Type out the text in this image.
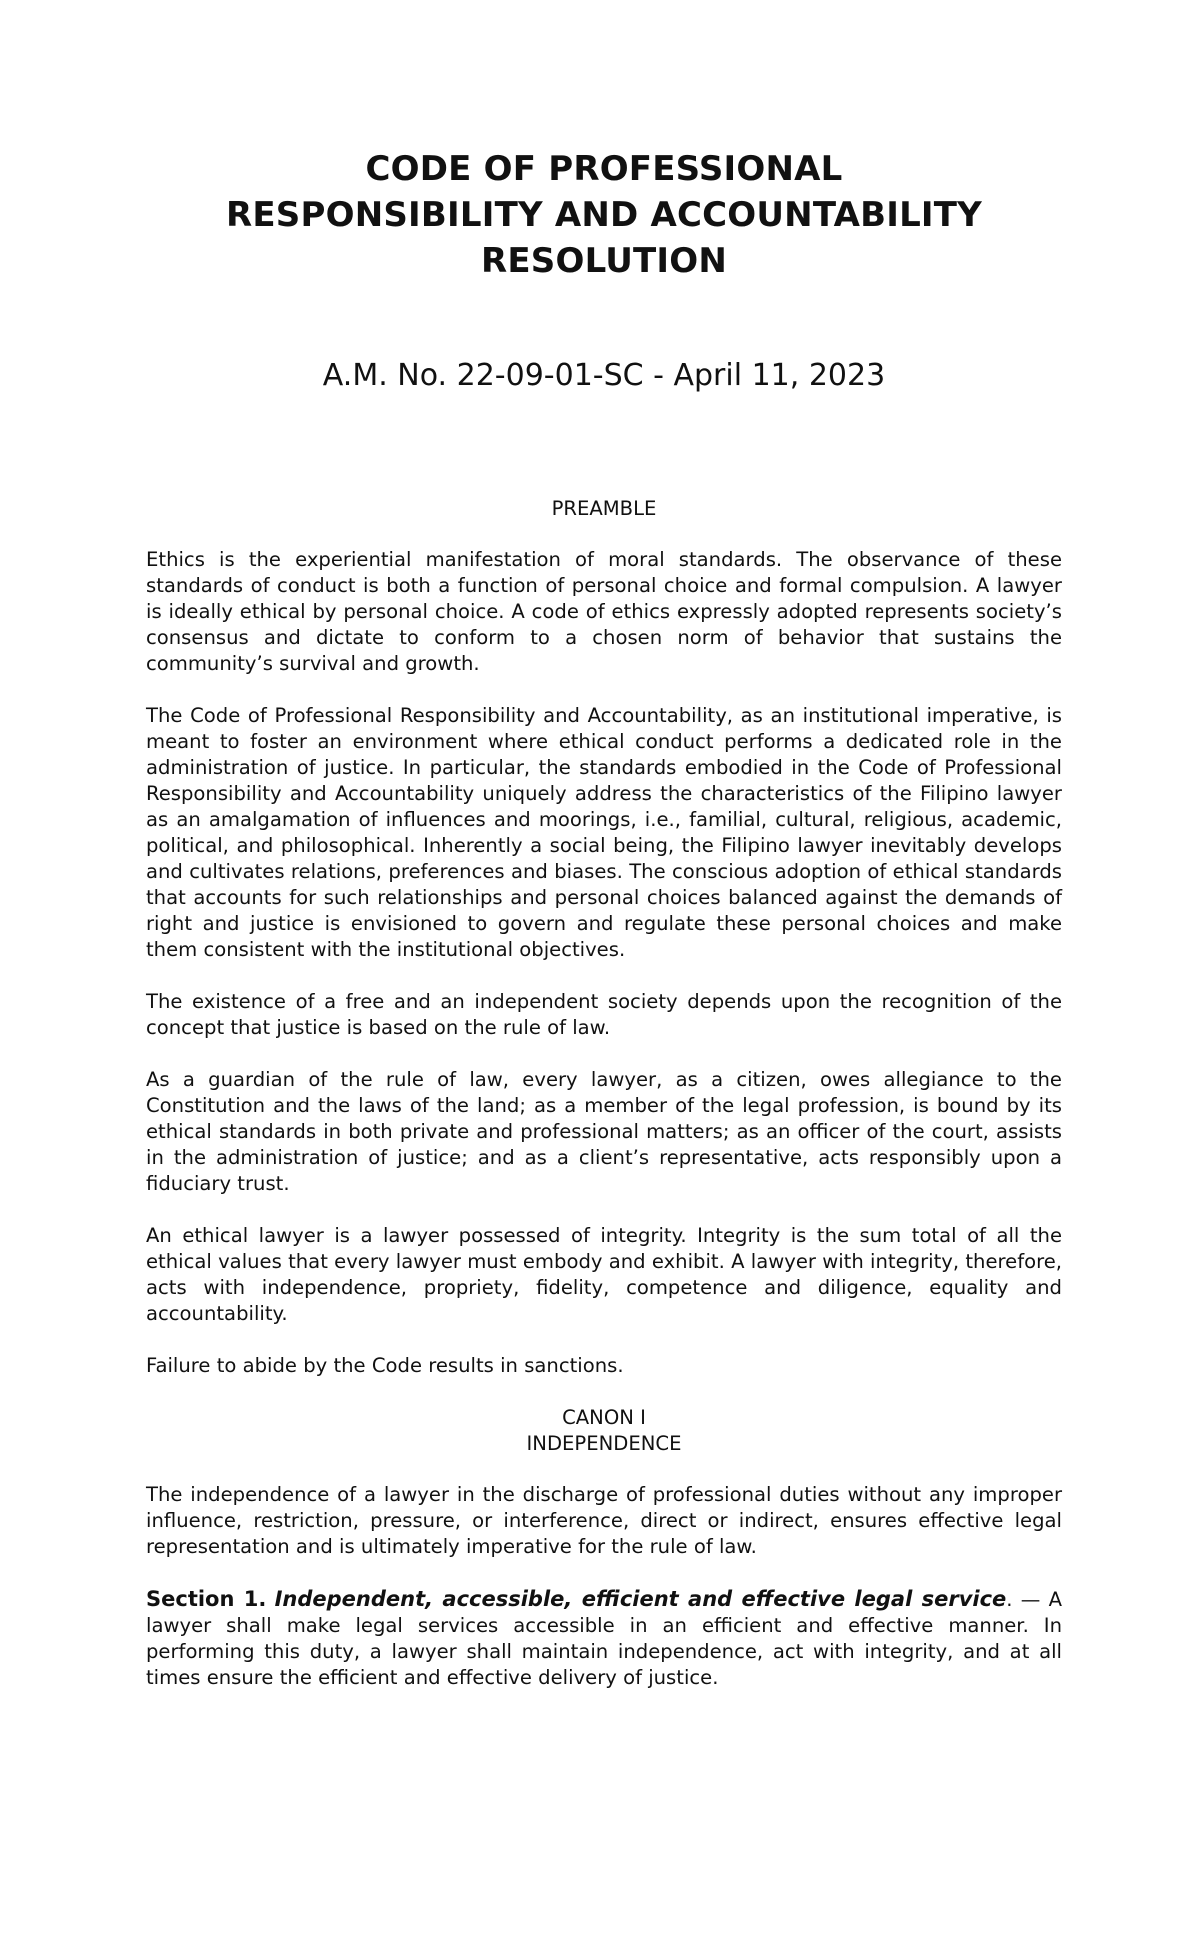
CODE OF PROFESSIONAL
RESPONSIBILITY AND ACCOUNTABILITY
RESOLUTION
A.M. No. 22-09-01-SC - April 11, 2023
PREAMBLE

Ethics is the experiential manifestation of moral standards. The observance of these standards of conduct is both a function of personal choice and formal compulsion. A lawyer is ideally ethical by personal choice. A code of ethics expressly adopted represents society’s consensus and dictate to conform to a chosen norm of behavior that sustains the community’s survival and growth.

The Code of Professional Responsibility and Accountability, as an institutional imperative, is meant to foster an environment where ethical conduct performs a dedicated role in the administration of justice. In particular, the standards embodied in the Code of Professional Responsibility and Accountability uniquely address the characteristics of the Filipino lawyer as an amalgamation of influences and moorings, i.e., familial, cultural, religious, academic, political, and philosophical. Inherently a social being, the Filipino lawyer inevitably develops and cultivates relations, preferences and biases. The conscious adoption of ethical standards that accounts for such relationships and personal choices balanced against the demands of right and justice is envisioned to govern and regulate these personal choices and make them consistent with the institutional objectives.

The existence of a free and an independent society depends upon the recognition of the concept that justice is based on the rule of law.

As a guardian of the rule of law, every lawyer, as a citizen, owes allegiance to the Constitution and the laws of the land; as a member of the legal profession, is bound by its ethical standards in both private and professional matters; as an officer of the court, assists in the administration of justice; and as a client’s representative, acts responsibly upon a fiduciary trust.

An ethical lawyer is a lawyer possessed of integrity. Integrity is the sum total of all the ethical values that every lawyer must embody and exhibit. A lawyer with integrity, therefore, acts with independence, propriety, fidelity, competence and diligence, equality and accountability.

Failure to abide by the Code results in sanctions.

CANON I
INDEPENDENCE

The independence of a lawyer in the discharge of professional duties without any improper influence, restriction, pressure, or interference, direct or indirect, ensures effective legal representation and is ultimately imperative for the rule of law.

Section 1. Independent, accessible, efficient and effective legal service. — A lawyer shall make legal services accessible in an efficient and effective manner. In performing this duty, a lawyer shall maintain independence, act with integrity, and at all times ensure the efficient and effective delivery of justice.
